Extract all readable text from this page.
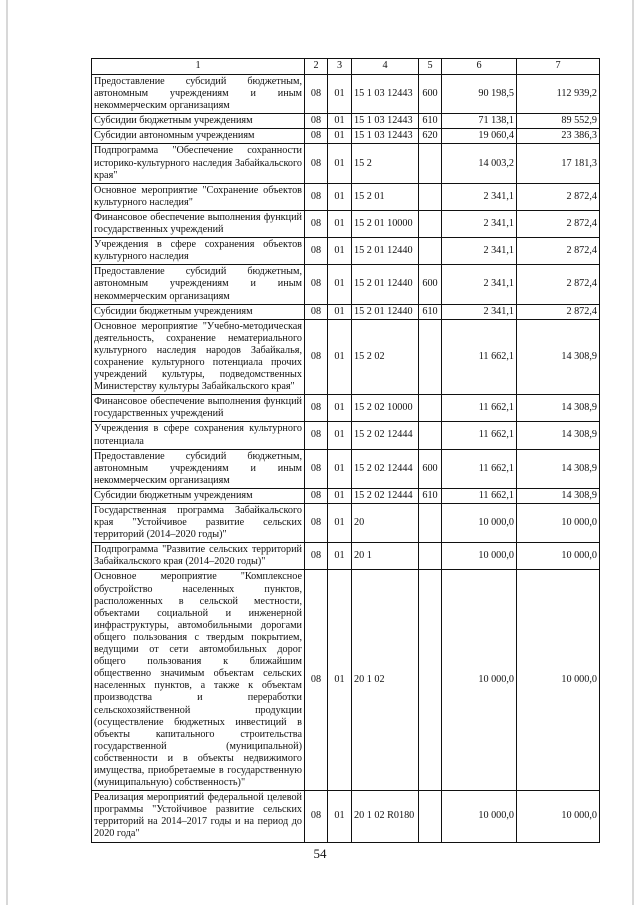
1	2	3	4	5	6	7
Предоставление субсидий бюджетным, автономным учреждениям и иным некоммерческим организациям	08	01	15 1 03 12443	600	90 198,5	112 939,2
Субсидии бюджетным учреждениям	08	01	15 1 03 12443	610	71 138,1	89 552,9
Субсидии автономным учреждениям	08	01	15 1 03 12443	620	19 060,4	23 386,3
Подпрограмма "Обеспечение сохранности историко-культурного наследия Забайкальского края"	08	01	15 2		14 003,2	17 181,3
Основное мероприятие "Сохранение объектов культурного наследия"	08	01	15 2 01		2 341,1	2 872,4
Финансовое обеспечение выполнения функций государственных учреждений	08	01	15 2 01 10000		2 341,1	2 872,4
Учреждения в сфере сохранения объектов культурного наследия	08	01	15 2 01 12440		2 341,1	2 872,4
Предоставление субсидий бюджетным, автономным учреждениям и иным некоммерческим организациям	08	01	15 2 01 12440	600	2 341,1	2 872,4
Субсидии бюджетным учреждениям	08	01	15 2 01 12440	610	2 341,1	2 872,4
Основное мероприятие "Учебно-методическая деятельность, сохранение нематериального культурного наследия народов Забайкалья, сохранение культурного потенциала прочих учреждений культуры, подведомственных Министерству культуры Забайкальского края"	08	01	15 2 02		11 662,1	14 308,9
Финансовое обеспечение выполнения функций государственных учреждений	08	01	15 2 02 10000		11 662,1	14 308,9
Учреждения в сфере сохранения культурного потенциала	08	01	15 2 02 12444		11 662,1	14 308,9
Предоставление субсидий бюджетным, автономным учреждениям и иным некоммерческим организациям	08	01	15 2 02 12444	600	11 662,1	14 308,9
Субсидии бюджетным учреждениям	08	01	15 2 02 12444	610	11 662,1	14 308,9
Государственная программа Забайкальского края "Устойчивое развитие сельских территорий (2014–2020 годы)"	08	01	20		10 000,0	10 000,0
Подпрограмма "Развитие сельских территорий Забайкальского края (2014–2020 годы)"	08	01	20 1		10 000,0	10 000,0
Основное мероприятие "Комплексное обустройство населенных пунктов, расположенных в сельской местности, объектами социальной и инженерной инфраструктуры, автомобильными дорогами общего пользования с твердым покрытием, ведущими от сети автомобильных дорог общего пользования к ближайшим общественно значимым объектам сельских населенных пунктов, а также к объектам производства и переработки сельскохозяйственной продукции (осуществление бюджетных инвестиций в объекты капитального строительства государственной (муниципальной) собственности и в объекты недвижимого имущества, приобретаемые в государственную (муниципальную) собственность)"	08	01	20 1 02		10 000,0	10 000,0
Реализация мероприятий федеральной целевой программы "Устойчивое развитие сельских территорий на 2014–2017 годы и на период до 2020 года"	08	01	20 1 02 R0180		10 000,0	10 000,0
54
